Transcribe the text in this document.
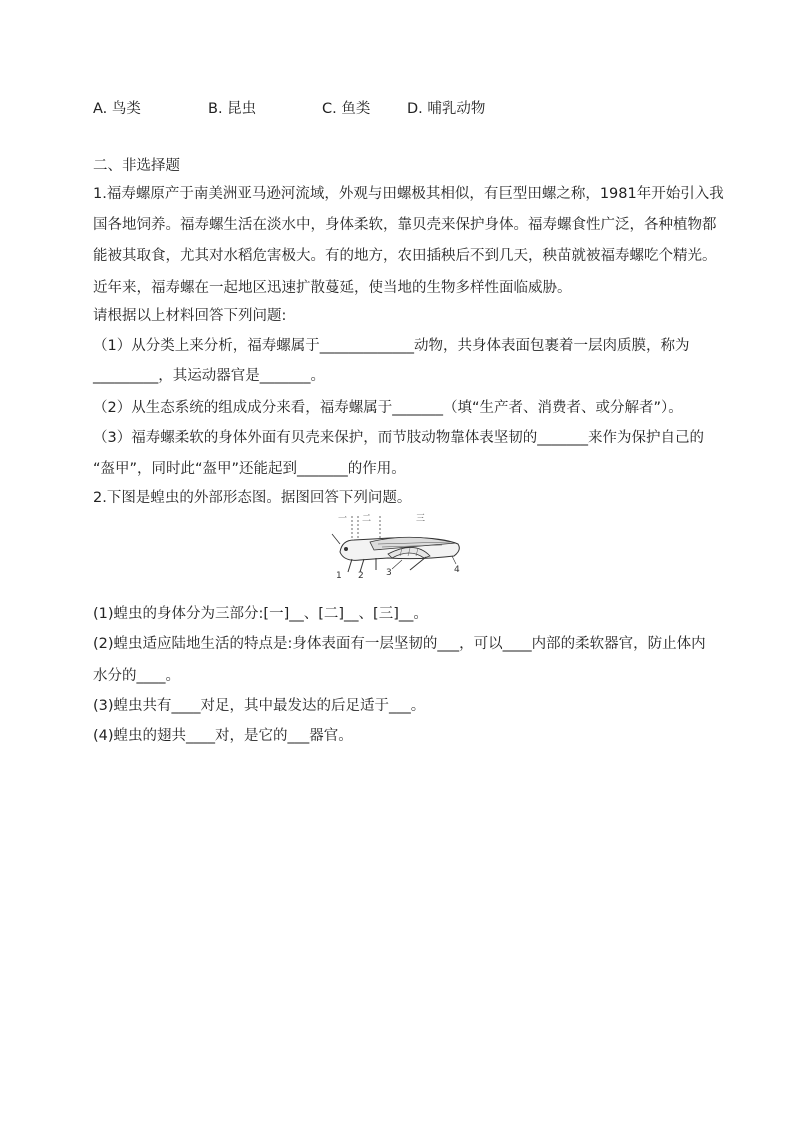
A. 鸟类	B. 昆虫	C. 鱼类	D. 哺乳动物
二、非选择题
1.福寿螺原产于南美洲亚马逊河流域，外观与田螺极其相似，有巨型田螺之称，1981年开始引入我
国各地饲养。福寿螺生活在淡水中，身体柔软，靠贝壳来保护身体。福寿螺食性广泛，各种植物都
能被其取食，尤其对水稻危害极大。有的地方，农田插秧后不到几天，秧苗就被福寿螺吃个精光。
近年来，福寿螺在一起地区迅速扩散蔓延，使当地的生物多样性面临威胁。
请根据以上材料回答下列问题:
（1）从分类上来分析，福寿螺属于_____________动物，共身体表面包裹着一层肉质膜，称为
_________，其运动器官是_______。
（2）从生态系统的组成成分来看，福寿螺属于_______（填“生产者、消费者、或分解者”）。
（3）福寿螺柔软的身体外面有贝壳来保护，而节肢动物靠体表坚韧的_______来作为保护自己的
“盔甲”，同时此“盔甲”还能起到_______的作用。
2.下图是蝗虫的外部形态图。据图回答下列问题。
一 二	三
1 2 3	4
(1)蝗虫的身体分为三部分:[一]__、[二]__、[三]__。
(2)蝗虫适应陆地生活的特点是:身体表面有一层坚韧的___，可以____内部的柔软器官，防止体内
水分的____。
(3)蝗虫共有____对足，其中最发达的后足适于___。
(4)蝗虫的翅共____对，是它的___器官。
